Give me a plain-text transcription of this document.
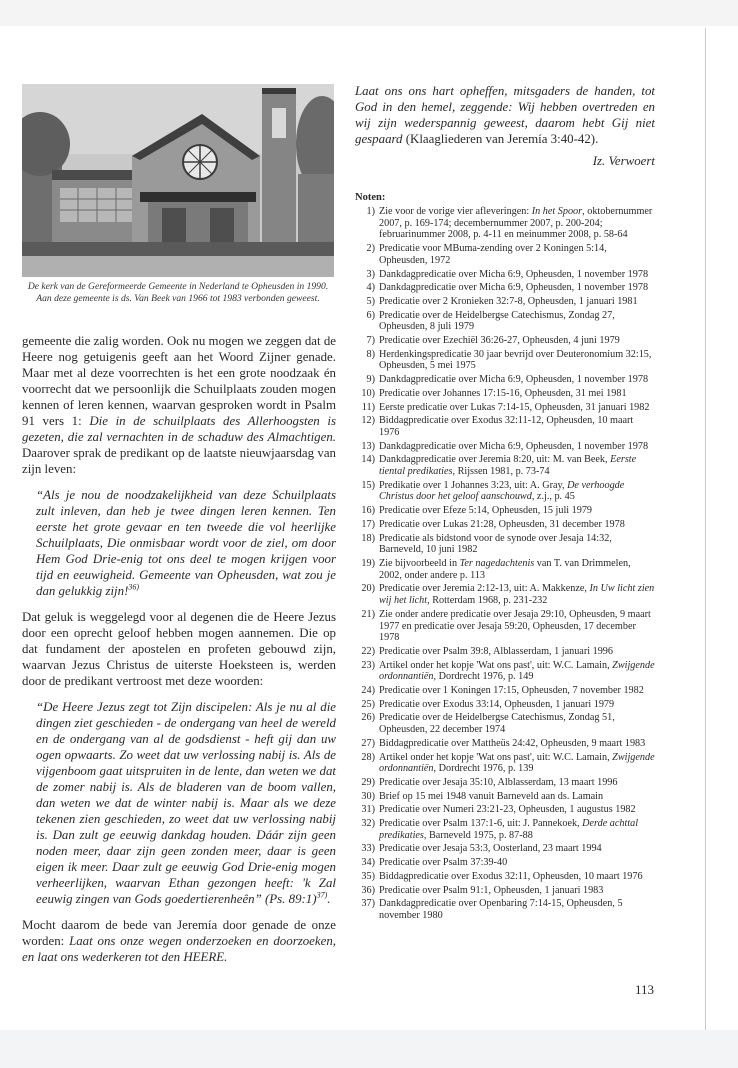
De kerk van de Gereformeerde Gemeente in Nederland te Opheusden in 1990. Aan deze gemeente is ds. Van Beek van 1966 tot 1983 verbonden geweest.

gemeente die zalig worden. Ook nu mogen we zeggen dat de Heere nog getuigenis geeft aan het Woord Zijner genade. Maar met al deze voorrechten is het een grote noodzaak én voorrecht dat we persoonlijk die Schuilplaats zouden mogen kennen of leren kennen, waarvan gesproken wordt in Psalm 91 vers 1: Die in de schuilplaats des Allerhoogsten is gezeten, die zal vernachten in de schaduw des Almachtigen. Daarover sprak de predikant op de laatste nieuwjaarsdag van zijn leven:

“Als je nou de noodzakelijkheid van deze Schuilplaats zult inleven, dan heb je twee dingen leren kennen. Ten eerste het grote gevaar en ten tweede die vol heerlijke Schuilplaats, Die onmisbaar wordt voor de ziel, om door Hem God Drie-enig tot ons deel te mogen krijgen voor tijd en eeuwigheid. Gemeente van Opheusden, wat zou je dan gelukkig zijn!$^{36)}$

Dat geluk is weggelegd voor al degenen die de Heere Jezus door een oprecht geloof hebben mogen aannemen. Die op dat fundament der apostelen en profeten gebouwd zijn, waarvan Jezus Christus de uiterste Hoeksteen is, werden door de predikant vertroost met deze woorden:

“De Heere Jezus zegt tot Zijn discipelen: Als je nu al die dingen ziet geschieden - de ondergang van heel de wereld en de ondergang van al de godsdienst - heft gij dan uw ogen opwaarts. Zo weet dat uw verlossing nabij is. Als de vijgenboom gaat uitspruiten in de lente, dan weten we dat de zomer nabij is. Als de bladeren van de boom vallen, dan weten we dat de winter nabij is. Maar als we deze tekenen zien geschieden, zo weet dat uw verlossing nabij is. Dan zult ge eeuwig dankdag houden. Dáár zijn geen noden meer, daar zijn geen zonden meer, daar is geen eigen ik meer. Daar zult ge eeuwig God Drie-enig mogen verheerlijken, waarvan Ethan gezongen heeft: 'k Zal eeuwig zingen van Gods goedertierenheên” (Ps. 89:1)$^{37)}$.

Mocht daarom de bede van Jeremía door genade de onze worden: Laat ons onze wegen onderzoeken en doorzoeken, en laat ons wederkeren tot den HEERE.

Laat ons ons hart opheffen, mitsgaders de handen, tot God in den hemel, zeggende: Wij hebben overtreden en wij zijn wederspannig geweest, daarom hebt Gij niet gespaard (Klaagliederen van Jeremía 3:40-42).

Iz. Verwoert

Noten:
1) Zie voor de vorige vier afleveringen: In het Spoor, oktobernummer 2007, p. 169-174; decembernummer 2007, p. 200-204; februarinummer 2008, p. 4-11 en meinummer 2008, p. 58-64
2) Predicatie voor MBuma-zending over 2 Koningen 5:14, Opheusden, 1972
3) Dankdagpredicatie over Micha 6:9, Opheusden, 1 november 1978
4) Dankdagpredicatie over Micha 6:9, Opheusden, 1 november 1978
5) Predicatie over 2 Kronieken 32:7-8, Opheusden, 1 januari 1981
6) Predicatie over de Heidelbergse Catechismus, Zondag 27, Opheusden, 8 juli 1979
7) Predicatie over Ezechiël 36:26-27, Opheusden, 4 juni 1979
8) Herdenkingspredicatie 30 jaar bevrijd over Deuteronomium 32:15, Opheusden, 5 mei 1975
9) Dankdagpredicatie over Micha 6:9, Opheusden, 1 november 1978
10) Predicatie over Johannes 17:15-16, Opheusden, 31 mei 1981
11) Eerste predicatie over Lukas 7:14-15, Opheusden, 31 januari 1982
12) Biddagpredicatie over Exodus 32:11-12, Opheusden, 10 maart 1976
13) Dankdagpredicatie over Micha 6:9, Opheusden, 1 november 1978
14) Dankdagpredicatie over Jeremia 8:20, uit: M. van Beek, Eerste tiental predikaties, Rijssen 1981, p. 73-74
15) Predikatie over 1 Johannes 3:23, uit: A. Gray, De verhoogde Christus door het geloof aanschouwd, z.j., p. 45
16) Predicatie over Efeze 5:14, Opheusden, 15 juli 1979
17) Predicatie over Lukas 21:28, Opheusden, 31 december 1978
18) Predicatie als bidstond voor de synode over Jesaja 14:32, Barneveld, 10 juni 1982
19) Zie bijvoorbeeld in Ter nagedachtenis van T. van Drimmelen, 2002, onder andere p. 113
20) Predicatie over Jeremia 2:12-13, uit: A. Makkenze, In Uw licht zien wij het licht, Rotterdam 1968, p. 231-232
21) Zie onder andere predicatie over Jesaja 29:10, Opheusden, 9 maart 1977 en predicatie over Jesaja 59:20, Opheusden, 17 december 1978
22) Predicatie over Psalm 39:8, Alblasserdam, 1 januari 1996
23) Artikel onder het kopje 'Wat ons past', uit: W.C. Lamain, Zwijgende ordonnantiën, Dordrecht 1976, p. 149
24) Predicatie over 1 Koningen 17:15, Opheusden, 7 november 1982
25) Predicatie over Exodus 33:14, Opheusden, 1 januari 1979
26) Predicatie over de Heidelbergse Catechismus, Zondag 51, Opheusden, 22 december 1974
27) Biddagpredicatie over Mattheüs 24:42, Opheusden, 9 maart 1983
28) Artikel onder het kopje 'Wat ons past', uit: W.C. Lamain, Zwijgende ordonnantiën, Dordrecht 1976, p. 139
29) Predicatie over Jesaja 35:10, Alblasserdam, 13 maart 1996
30) Brief op 15 mei 1948 vanuit Barneveld aan ds. Lamain
31) Predicatie over Numeri 23:21-23, Opheusden, 1 augustus 1982
32) Predicatie over Psalm 137:1-6, uit: J. Pannekoek, Derde achttal predikaties, Barneveld 1975, p. 87-88
33) Predicatie over Jesaja 53:3, Oosterland, 23 maart 1994
34) Predicatie over Psalm 37:39-40
35) Biddagpredicatie over Exodus 32:11, Opheusden, 10 maart 1976
36) Predicatie over Psalm 91:1, Opheusden, 1 januari 1983
37) Dankdagpredicatie over Openbaring 7:14-15, Opheusden, 5 november 1980
113
